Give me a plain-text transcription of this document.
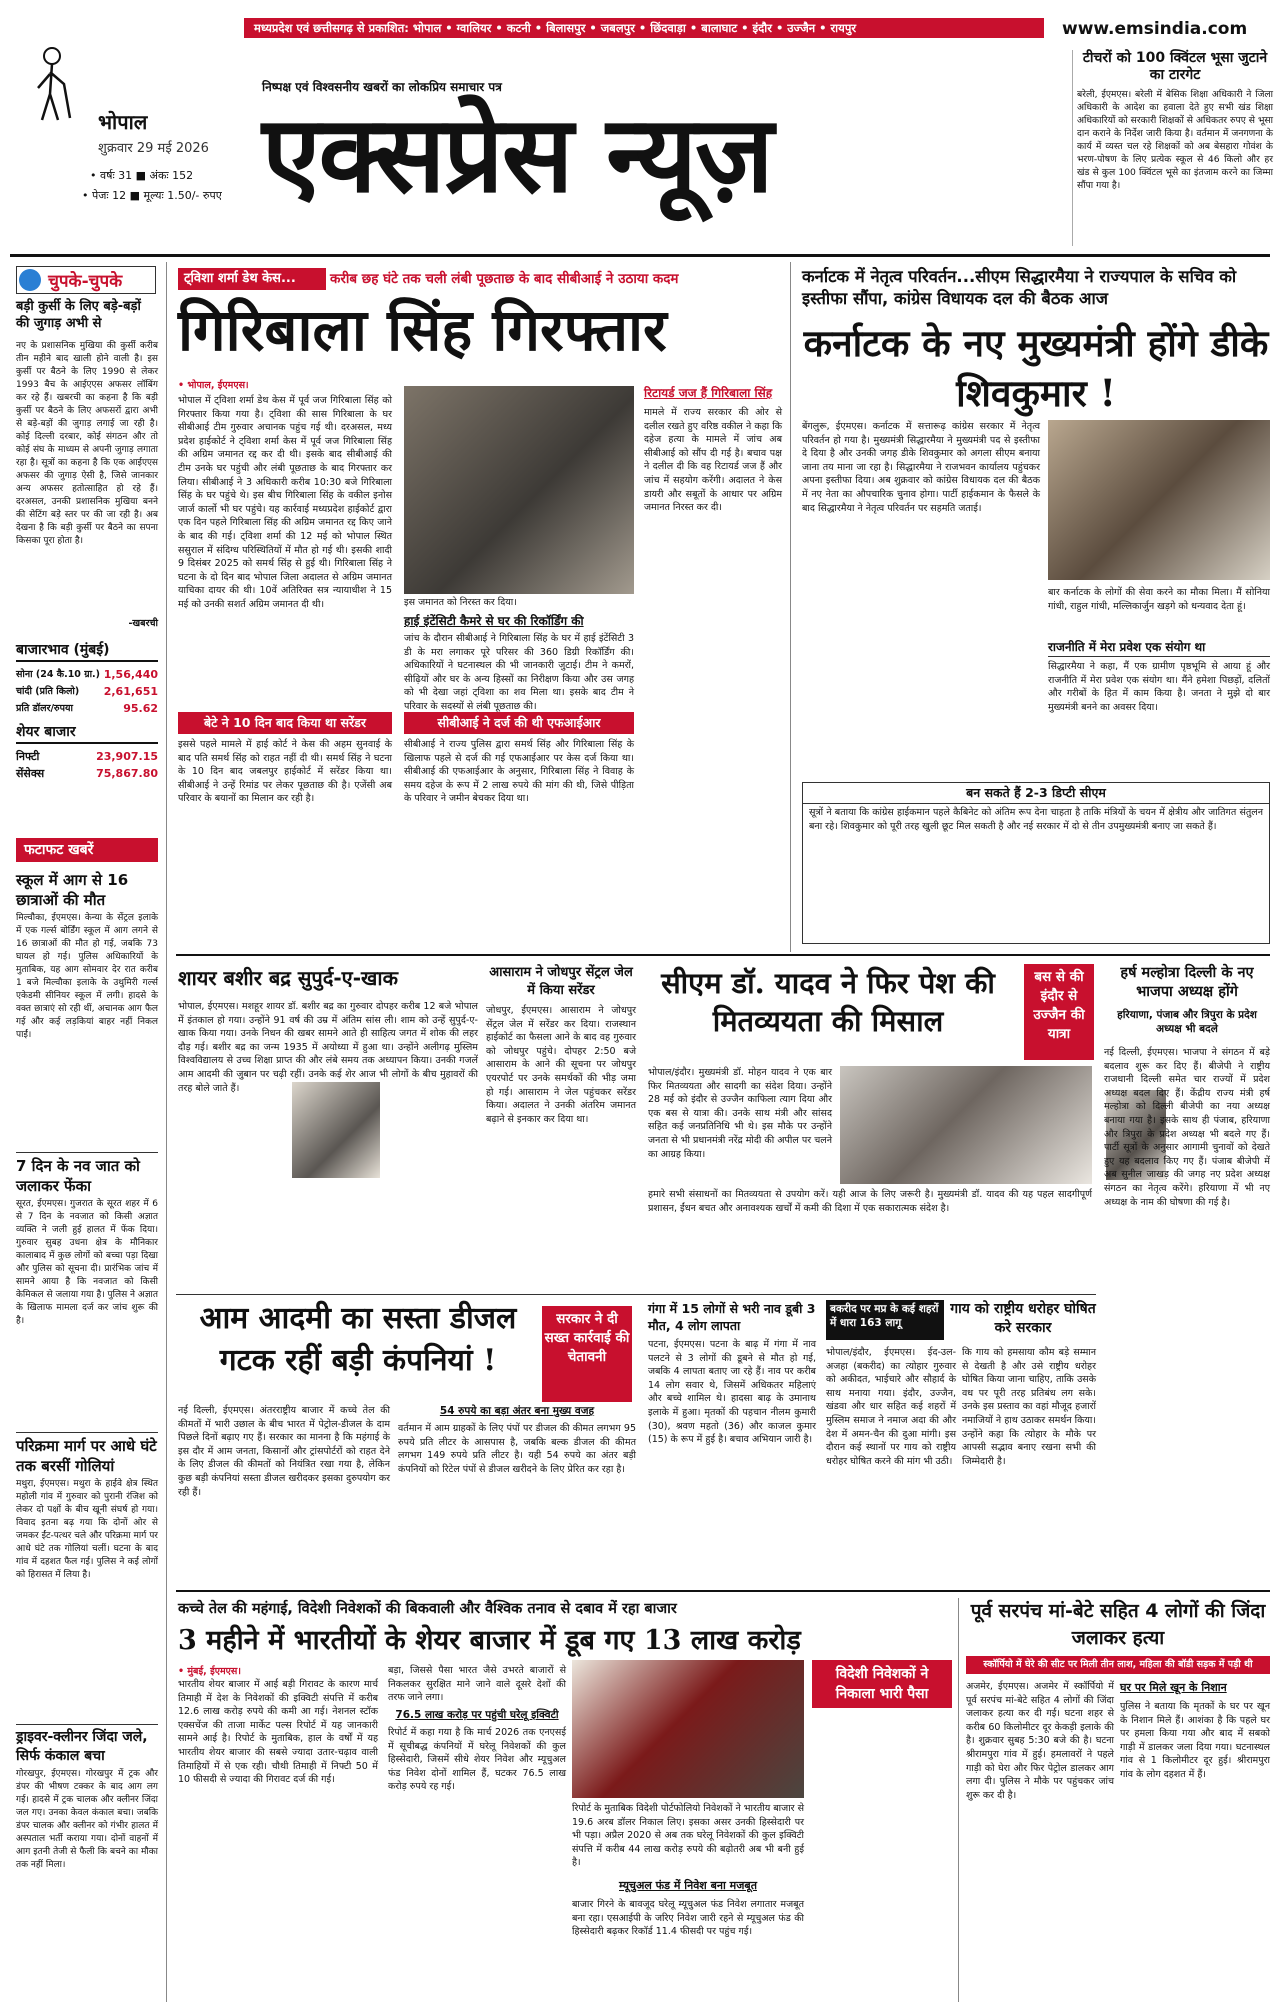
मध्यप्रदेश एवं छत्तीसगढ़ से प्रकाशित: भोपाल • ग्वालियर • कटनी • बिलासपुर • जबलपुर • छिंदवाड़ा • बालाघाट • इंदौर • उज्जैन • रायपुर	www.emsindia.com
भोपाल
शुक्रवार 29 मई 2026
• वर्षः 31 ■ अंकः 152
• पेजः 12 ■ मूल्यः 1.50/- रुपए
निष्पक्ष एवं विश्वसनीय खबरों का लोकप्रिय समाचार पत्र
एक्सप्रेस न्यूज़
टीचरों को 100 क्विंटल भूसा जुटाने का टारगेट
बरेली, ईएमएस। बरेली में बेसिक शिक्षा अधिकारी ने जिला अधिकारी के आदेश का हवाला देते हुए सभी खंड शिक्षा अधिकारियों को सरकारी शिक्षकों से अधिकतर रुपए से भूसा दान कराने के निर्देश जारी किया है। वर्तमान में जनगणना के कार्य में व्यस्त चल रहे शिक्षकों को अब बेसहारा गोवंश के भरण-पोषण के लिए प्रत्येक स्कूल से 46 किलो और हर खंड से कुल 100 क्विंटल भूसे का इंतजाम करने का जिम्मा सौंपा गया है।
चुपके-चुपके
बड़ी कुर्सी के लिए बड़े-बड़ों की जुगाड़ अभी से
नए के प्रशासनिक मुखिया की कुर्सी करीब तीन महीने बाद खाली होने वाली है। इस कुर्सी पर बैठने के लिए 1990 से लेकर 1993 बैच के आईएएस अफसर लॉबिंग कर रहे हैं। खबरची का कहना है कि बड़ी कुर्सी पर बैठने के लिए अफसरों द्वारा अभी से बड़े-बड़ों की जुगाड़ लगाई जा रही है। कोई दिल्ली दरबार, कोई संगठन और तो कोई संघ के माध्यम से अपनी जुगाड़ लगाता रहा है। सूत्रों का कहना है कि एक आईएएस अफसर की जुगाड़ ऐसी है, जिसे जानकार अन्य अफसर हतोत्साहित हो रहे हैं। दरअसल, उनकी प्रशासनिक मुखिया बनने की सेटिंग बड़े स्तर पर की जा रही है। अब देखना है कि बड़ी कुर्सी पर बैठने का सपना किसका पूरा होता है।
-खबरची
बाजारभाव (मुंबई)
सोना (24 कै.10 ग्रा.) 1,56,440
चांदी (प्रति किलो) 2,61,651
प्रति डॉलर/रुपया	95.62
शेयर बाजार
निफ्टी	23,907.15
सेंसेक्स	75,867.80
फटाफट खबरें
स्कूल में आग से 16 छात्राओं की मौत
मिल्वौका, ईएमएस। केन्या के सेंट्रल इलाके में एक गर्ल्स बोर्डिंग स्कूल में आग लगने से 16 छात्राओं की मौत हो गई, जबकि 73 घायल हो गई। पुलिस अधिकारियों के मुताबिक, यह आग सोमवार देर रात करीब 1 बजे मिल्वौका इलाके के उथुमिरी गर्ल्स एकेडमी सीनियर स्कूल में लगी। हादसे के वक्त छात्राएं सो रही थीं, अचानक आग फैल गई और कई लड़कियां बाहर नहीं निकल पाईं।
7 दिन के नव जात को जलाकर फेंका
सूरत, ईएमएस। गुजरात के सूरत शहर में 6 से 7 दिन के नवजात को किसी अज्ञात व्यक्ति ने जली हुई हालत में फेंक दिया। गुरुवार सुबह उधना क्षेत्र के मौनिकार कालाबाद में कुछ लोगों को बच्चा पड़ा दिखा और पुलिस को सूचना दी। प्रारंभिक जांच में सामने आया है कि नवजात को किसी केमिकल से जलाया गया है। पुलिस ने अज्ञात के खिलाफ मामला दर्ज कर जांच शुरू की है।
परिक्रमा मार्ग पर आधे घंटे तक बरसीं गोलियां
मथुरा, ईएमएस। मथुरा के हाईवे क्षेत्र स्थित महोली गांव में गुरुवार को पुरानी रंजिश को लेकर दो पक्षों के बीच खूनी संघर्ष हो गया। विवाद इतना बढ़ गया कि दोनों ओर से जमकर ईंट-पत्थर चले और परिक्रमा मार्ग पर आधे घंटे तक गोलियां चलीं। घटना के बाद गांव में दहशत फैल गई। पुलिस ने कई लोगों को हिरासत में लिया है।
ड्राइवर-क्लीनर जिंदा जले, सिर्फ कंकाल बचा
गोरखपुर, ईएमएस। गोरखपुर में ट्रक और डंपर की भीषण टक्कर के बाद आग लग गई। हादसे में ट्रक चालक और क्लीनर जिंदा जल गए। उनका केवल कंकाल बचा। जबकि डंपर चालक और क्लीनर को गंभीर हालत में अस्पताल भर्ती कराया गया। दोनों वाहनों में आग इतनी तेजी से फैली कि बचने का मौका तक नहीं मिला।
ट्विशा शर्मा डेथ केस...	करीब छह घंटे तक चली लंबी पूछताछ के बाद सीबीआई ने उठाया कदम
गिरिबाला सिंह गिरफ्तार
• भोपाल, ईएमएस।
भोपाल में ट्विशा शर्मा डेथ केस में पूर्व जज गिरिबाला सिंह को गिरफ्तार किया गया है। ट्विशा की सास गिरिबाला के घर सीबीआई टीम गुरुवार अचानक पहुंच गई थी। दरअसल, मध्य प्रदेश हाईकोर्ट ने ट्विशा शर्मा केस में पूर्व जज गिरिबाला सिंह की अग्रिम जमानत रद्द कर दी थी। इसके बाद सीबीआई की टीम उनके घर पहुंची और लंबी पूछताछ के बाद गिरफ्तार कर लिया। सीबीआई ने 3 अधिकारी करीब 10:30 बजे गिरिबाला सिंह के घर पहुंचे थे। इस बीच गिरिबाला सिंह के वकील इनोस जार्ज कार्लो भी घर पहुंचे। यह कार्रवाई मध्यप्रदेश हाईकोर्ट द्वारा एक दिन पहले गिरिबाला सिंह की अग्रिम जमानत रद्द किए जाने के बाद की गई। ट्विशा शर्मा की 12 मई को भोपाल स्थित ससुराल में संदिग्ध परिस्थितियों में मौत हो गई थी। इसकी शादी 9 दिसंबर 2025 को समर्थ सिंह से हुई थी। गिरिबाला सिंह ने घटना के दो दिन बाद भोपाल जिला अदालत से अग्रिम जमानत याचिका दायर की थी। 10वें अतिरिक्त सत्र न्यायाधीश ने 15 मई को उनकी सशर्त अग्रिम जमानत दी थी।	इस जमानत को निरस्त कर दिया।
हाई इंटेंसिटी कैमरे से घर की रिकॉर्डिंग की
जांच के दौरान सीबीआई ने गिरिबाला सिंह के घर में हाई इंटेंसिटी 3 डी के मरा लगाकर पूरे परिसर की 360 डिग्री रिकॉर्डिंग की। अधिकारियों ने घटनास्थल की भी जानकारी जुटाई। टीम ने कमरों, सीढ़ियों और घर के अन्य हिस्सों का निरीक्षण किया और उस जगह को भी देखा जहां ट्विशा का शव मिला था। इसके बाद टीम ने परिवार के सदस्यों से लंबी पूछताछ की।
बेटे ने 10 दिन बाद किया था सरेंडर
इससे पहले मामले में हाई कोर्ट ने केस की अहम सुनवाई के बाद पति समर्थ सिंह को राहत नहीं दी थी। समर्थ सिंह ने घटना के 10 दिन बाद जबलपुर हाईकोर्ट में सरेंडर किया था। सीबीआई ने उन्हें रिमांड पर लेकर पूछताछ की है। एजेंसी अब परिवार के बयानों का मिलान कर रही है।
सीबीआई ने दर्ज की थी एफआईआर
सीबीआई ने राज्य पुलिस द्वारा समर्थ सिंह और गिरिबाला सिंह के खिलाफ पहले से दर्ज की गई एफआईआर पर केस दर्ज किया था। सीबीआई की एफआईआर के अनुसार, गिरिबाला सिंह ने विवाह के समय दहेज के रूप में 2 लाख रुपये की मांग की थी, जिसे पीड़िता के परिवार ने जमीन बेचकर दिया था।
रिटायर्ड जज हैं गिरिबाला सिंह
मामले में राज्य सरकार की ओर से दलील रखते हुए वरिष्ठ वकील ने कहा कि दहेज हत्या के मामले में जांच अब सीबीआई को सौंप दी गई है। बचाव पक्ष ने दलील दी कि वह रिटायर्ड जज हैं और जांच में सहयोग करेंगी। अदालत ने केस डायरी और सबूतों के आधार पर अग्रिम जमानत निरस्त कर दी।
कर्नाटक में नेतृत्व परिवर्तन...सीएम सिद्धारमैया ने राज्यपाल के सचिव को इस्तीफा सौंपा, कांग्रेस विधायक दल की बैठक आज
कर्नाटक के नए मुख्यमंत्री होंगे डीके शिवकुमार !
बेंगलुरू, ईएमएस। कर्नाटक में सत्तारूढ़ कांग्रेस सरकार में नेतृत्व परिवर्तन हो गया है। मुख्यमंत्री सिद्धारमैया ने मुख्यमंत्री पद से इस्तीफा दे दिया है और उनकी जगह डीके शिवकुमार को अगला सीएम बनाया जाना तय माना जा रहा है। सिद्धारमैया ने राजभवन कार्यालय पहुंचकर अपना इस्तीफा दिया। अब शुक्रवार को कांग्रेस विधायक दल की बैठक में नए नेता का औपचारिक चुनाव होगा। पार्टी हाईकमान के फैसले के बाद सिद्धारमैया ने नेतृत्व परिवर्तन पर सहमति जताई।
बार कर्नाटक के लोगों की सेवा करने का मौका मिला। मैं सोनिया गांधी, राहुल गांधी, मल्लिकार्जुन खड़गे को धन्यवाद देता हूं।
राजनीति में मेरा प्रवेश एक संयोग था
सिद्धारमैया ने कहा, मैं एक ग्रामीण पृष्ठभूमि से आया हूं और राजनीति में मेरा प्रवेश एक संयोग था। मैंने हमेशा पिछड़ों, दलितों और गरीबों के हित में काम किया है। जनता ने मुझे दो बार मुख्यमंत्री बनने का अवसर दिया।
बन सकते हैं 2-3 डिप्टी सीएम
सूत्रों ने बताया कि कांग्रेस हाईकमान पहले कैबिनेट को अंतिम रूप देना चाहता है ताकि मंत्रियों के चयन में क्षेत्रीय और जातिगत संतुलन बना रहे। शिवकुमार को पूरी तरह खुली छूट मिल सकती है और नई सरकार में दो से तीन उपमुख्यमंत्री बनाए जा सकते हैं।
शायर बशीर बद्र सुपुर्द-ए-खाक
भोपाल, ईएमएस। मशहूर शायर डॉ. बशीर बद्र का गुरुवार दोपहर करीब 12 बजे भोपाल में इंतकाल हो गया। उन्होंने 91 वर्ष की उम्र में अंतिम सांस ली। शाम को उन्हें सुपुर्द-ए-खाक किया गया। उनके निधन की खबर सामने आते ही साहित्य जगत में शोक की लहर दौड़ गई। बशीर बद्र का जन्म 1935 में अयोध्या में हुआ था। उन्होंने अलीगढ़ मुस्लिम विश्वविद्यालय से उच्च शिक्षा प्राप्त की और लंबे समय तक अध्यापन किया। उनकी गजलें आम आदमी की जुबान पर चढ़ी रहीं। उनके कई शेर आज भी लोगों के बीच मुहावरों की तरह बोले जाते हैं।
आसाराम ने जोधपुर सेंट्रल जेल में किया सरेंडर
जोधपुर, ईएमएस। आसाराम ने जोधपुर सेंट्रल जेल में सरेंडर कर दिया। राजस्थान हाईकोर्ट का फैसला आने के बाद वह गुरुवार को जोधपुर पहुंचे। दोपहर 2:50 बजे आसाराम के आने की सूचना पर जोधपुर एयरपोर्ट पर उनके समर्थकों की भीड़ जमा हो गई। आसाराम ने जेल पहुंचकर सरेंडर किया। अदालत ने उनकी अंतरिम जमानत बढ़ाने से इनकार कर दिया था।
सीएम डॉ. यादव ने फिर पेश की मितव्ययता की मिसाल
बस से की इंदौर से उज्जैन की यात्रा
भोपाल/इंदौर। मुख्यमंत्री डॉ. मोहन यादव ने एक बार फिर मितव्ययता और सादगी का संदेश दिया। उन्होंने 28 मई को इंदौर से उज्जैन काफिला त्याग दिया और एक बस से यात्रा की। उनके साथ मंत्री और सांसद सहित कई जनप्रतिनिधि भी थे। इस मौके पर उन्होंने जनता से भी प्रधानमंत्री नरेंद्र मोदी की अपील पर चलने का आग्रह किया।
हमारे सभी संसाधनों का मितव्ययता से उपयोग करें। यही आज के लिए जरूरी है। मुख्यमंत्री डॉ. यादव की यह पहल सादगीपूर्ण प्रशासन, ईंधन बचत और अनावश्यक खर्चों में कमी की दिशा में एक सकारात्मक संदेश है।
हर्ष मल्होत्रा दिल्ली के नए भाजपा अध्यक्ष होंगे
हरियाणा, पंजाब और त्रिपुरा के प्रदेश अध्यक्ष भी बदले
नई दिल्ली, ईएमएस। भाजपा ने संगठन में बड़े बदलाव शुरू कर दिए हैं। बीजेपी ने राष्ट्रीय राजधानी दिल्ली समेत चार राज्यों में प्रदेश अध्यक्ष बदल दिए हैं। केंद्रीय राज्य मंत्री हर्ष मल्होत्रा को दिल्ली बीजेपी का नया अध्यक्ष बनाया गया है। इसके साथ ही पंजाब, हरियाणा और त्रिपुरा के प्रदेश अध्यक्ष भी बदले गए हैं। पार्टी सूत्रों के अनुसार आगामी चुनावों को देखते हुए यह बदलाव किए गए हैं। पंजाब बीजेपी में अब सुनील जाखड़ की जगह नए प्रदेश अध्यक्ष संगठन का नेतृत्व करेंगे। हरियाणा में भी नए अध्यक्ष के नाम की घोषणा की गई है।
आम आदमी का सस्ता डीजल गटक रहीं बड़ी कंपनियां !
सरकार ने दी सख्त कार्रवाई की चेतावनी
नई दिल्ली, ईएमएस। अंतरराष्ट्रीय बाजार में कच्चे तेल की कीमतों में भारी उछाल के बीच भारत में पेट्रोल-डीजल के दाम पिछले दिनों बढ़ाए गए हैं। सरकार का मानना है कि महंगाई के इस दौर में आम जनता, किसानों और ट्रांसपोर्टरों को राहत देने के लिए डीजल की कीमतों को नियंत्रित रखा गया है, लेकिन कुछ बड़ी कंपनियां सस्ता डीजल खरीदकर इसका दुरुपयोग कर रही हैं।
54 रुपये का बड़ा अंतर बना मुख्य वजह
वर्तमान में आम ग्राहकों के लिए पंपों पर डीजल की कीमत लगभग 95 रुपये प्रति लीटर के आसपास है, जबकि बल्क डीजल की कीमत लगभग 149 रुपये प्रति लीटर है। यही 54 रुपये का अंतर बड़ी कंपनियों को रिटेल पंपों से डीजल खरीदने के लिए प्रेरित कर रहा है।
गंगा में 15 लोगों से भरी नाव डूबी 3 मौत, 4 लोग लापता
पटना, ईएमएस। पटना के बाढ़ में गंगा में नाव पलटने से 3 लोगों की डूबने से मौत हो गई, जबकि 4 लापता बताए जा रहे हैं। नाव पर करीब 14 लोग सवार थे, जिसमें अधिकतर महिलाएं और बच्चे शामिल थे। हादसा बाढ़ के उमानाथ इलाके में हुआ। मृतकों की पहचान नीलम कुमारी (30), श्रवण महतो (36) और काजल कुमार (15) के रूप में हुई है। बचाव अभियान जारी है।
बकरीद पर मप्र के कई शहरों में धारा 163 लागू
गाय को राष्ट्रीय धरोहर घोषित करे सरकार
भोपाल/इंदौर, ईएमएस। ईद-उल-अजहा (बकरीद) का त्योहार गुरुवार को अकीदत, भाईचारे और सौहार्द के साथ मनाया गया। इंदौर, उज्जैन, खंडवा और धार सहित कई शहरों में मुस्लिम समाज ने नमाज अदा की और देश में अमन-चैन की दुआ मांगी। इस दौरान कई स्थानों पर गाय को राष्ट्रीय धरोहर घोषित करने की मांग भी उठी।
कि गाय को हमसाया कौम बड़े सम्मान से देखती है और उसे राष्ट्रीय धरोहर घोषित किया जाना चाहिए, ताकि उसके वध पर पूरी तरह प्रतिबंध लग सके। उनके इस प्रस्ताव का वहां मौजूद हजारों नमाजियों ने हाथ उठाकर समर्थन किया। उन्होंने कहा कि त्योहार के मौके पर आपसी सद्भाव बनाए रखना सभी की जिम्मेदारी है।
कच्चे तेल की महंगाई, विदेशी निवेशकों की बिकवाली और वैश्विक तनाव से दबाव में रहा बाजार
3 महीने में भारतीयों के शेयर बाजार में डूब गए 13 लाख करोड़
• मुंबई, ईएमएस।
भारतीय शेयर बाजार में आई बड़ी गिरावट के कारण मार्च तिमाही में देश के निवेशकों की इक्विटी संपत्ति में करीब 12.6 लाख करोड़ रुपये की कमी आ गई। नेशनल स्टॉक एक्सचेंज की ताजा मार्केट पल्स रिपोर्ट में यह जानकारी सामने आई है। रिपोर्ट के मुताबिक, हाल के वर्षों में यह भारतीय शेयर बाजार की सबसे ज्यादा उतार-चढ़ाव वाली तिमाहियों में से एक रही। चौथी तिमाही में निफ्टी 50 में 10 फीसदी से ज्यादा की गिरावट दर्ज की गई।
बड़ा, जिससे पैसा भारत जैसे उभरते बाजारों से निकलकर सुरक्षित माने जाने वाले दूसरे देशों की तरफ जाने लगा।
76.5 लाख करोड़ पर पहुंची घरेलू इक्विटी
रिपोर्ट में कहा गया है कि मार्च 2026 तक एनएसई में सूचीबद्ध कंपनियों में घरेलू निवेशकों की कुल हिस्सेदारी, जिसमें सीधे शेयर निवेश और म्यूचुअल फंड निवेश दोनों शामिल हैं, घटकर 76.5 लाख करोड़ रुपये रह गई।
रिपोर्ट के मुताबिक विदेशी पोर्टफोलियो निवेशकों ने भारतीय बाजार से 19.6 अरब डॉलर निकाल लिए। इसका असर उनकी हिस्सेदारी पर भी पड़ा। अप्रैल 2020 से अब तक घरेलू निवेशकों की कुल इक्विटी संपत्ति में करीब 44 लाख करोड़ रुपये की बढ़ोतरी अब भी बनी हुई है।
म्यूचुअल फंड में निवेश बना मजबूत
बाजार गिरने के बावजूद घरेलू म्यूचुअल फंड निवेश लगातार मजबूत बना रहा। एसआईपी के जरिए निवेश जारी रहने से म्यूचुअल फंड की हिस्सेदारी बढ़कर रिकॉर्ड 11.4 फीसदी पर पहुंच गई।
विदेशी निवेशकों ने निकाला भारी पैसा
पूर्व सरपंच मां-बेटे सहित 4 लोगों की जिंदा जलाकर हत्या
स्कॉर्पियो में घेरे की सीट पर मिली तीन लाश, महिला की बॉडी सड़क में पड़ी थी
अजमेर, ईएमएस। अजमेर में स्कॉर्पियो में पूर्व सरपंच मां-बेटे सहित 4 लोगों की जिंदा जलाकर हत्या कर दी गई। घटना शहर से करीब 60 किलोमीटर दूर केकड़ी इलाके की है। शुक्रवार सुबह 5:30 बजे की है। घटना श्रीरामपुरा गांव में हुई। हमलावरों ने पहले गाड़ी को घेरा और फिर पेट्रोल डालकर आग लगा दी। पुलिस ने मौके पर पहुंचकर जांच शुरू कर दी है।
घर पर मिले खून के निशान
पुलिस ने बताया कि मृतकों के घर पर खून के निशान मिले हैं। आशंका है कि पहले घर पर हमला किया गया और बाद में सबको गाड़ी में डालकर जला दिया गया। घटनास्थल गांव से 1 किलोमीटर दूर हुई। श्रीरामपुरा गांव के लोग दहशत में हैं।
